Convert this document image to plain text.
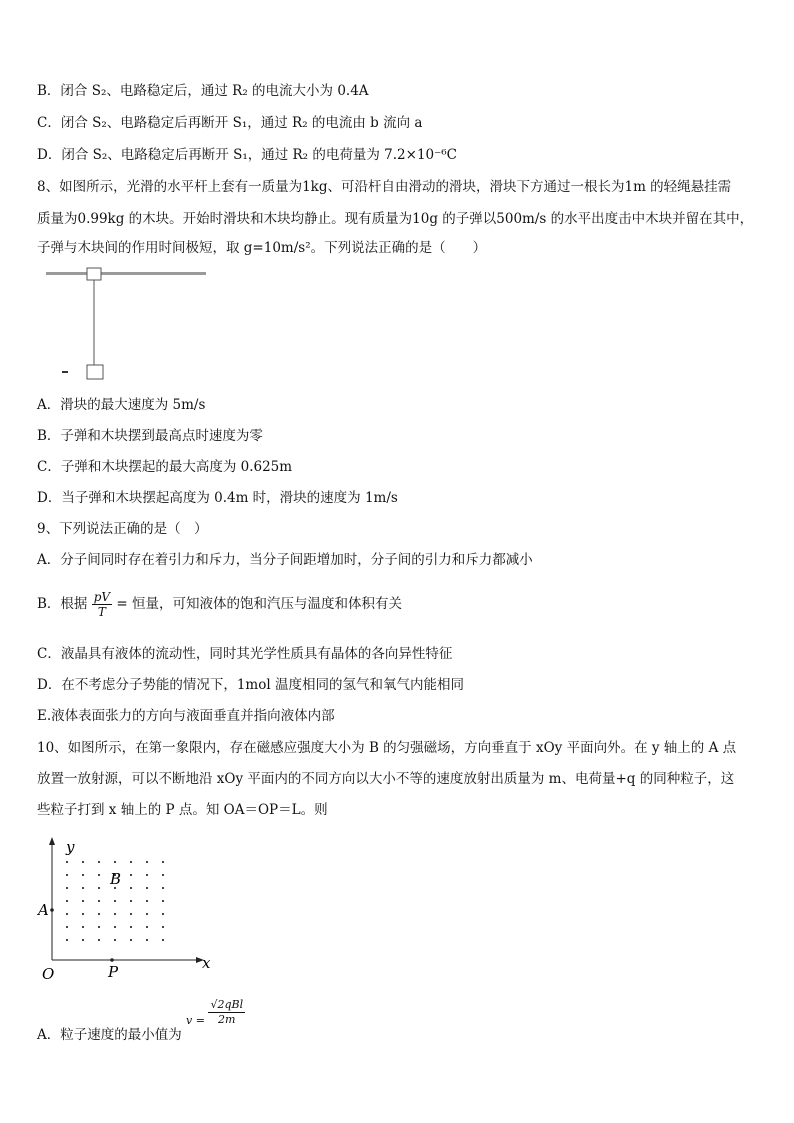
B．闭合 S₂、电路稳定后，通过 R₂ 的电流大小为 0.4A
C．闭合 S₂、电路稳定后再断开 S₁，通过 R₂ 的电流由 b 流向 a
D．闭合 S₂、电路稳定后再断开 S₁，通过 R₂ 的电荷量为 7.2×10⁻⁶C
8、如图所示，光滑的水平杆上套有一质量为1kg、可沿杆自由滑动的滑块，滑块下方通过一根长为1m 的轻绳悬挂需
质量为0.99kg 的木块。开始时滑块和木块均静止。现有质量为10g 的子弹以500m/s 的水平出度击中木块并留在其中，
子弹与木块间的作用时间极短，取 g=10m/s²。下列说法正确的是（　　）
A．滑块的最大速度为 5m/s
B．子弹和木块摆到最高点时速度为零
C．子弹和木块摆起的最大高度为 0.625m
D．当子弹和木块摆起高度为 0.4m 时，滑块的速度为 1m/s
9、下列说法正确的是（　）
A．分子间同时存在着引力和斥力，当分子间距增加时，分子间的引力和斥力都减小
B．根据 $\frac{pV}{T}$ = 恒量，可知液体的饱和汽压与温度和体积有关
C．液晶具有液体的流动性，同时其光学性质具有晶体的各向异性特征
D．在不考虑分子势能的情况下，1mol 温度相同的氢气和氧气内能相同
E.液体表面张力的方向与液面垂直并指向液体内部
10、如图所示，在第一象限内，存在磁感应强度大小为 B 的匀强磁场，方向垂直于 xOy 平面向外。在 y 轴上的 A 点
放置一放射源，可以不断地沿 xOy 平面内的不同方向以大小不等的速度放射出质量为 m、电荷量+q 的同种粒子，这
些粒子打到 x 轴上的 P 点。知 OA＝OP＝L。则
y
x
O
A
B
P
A．粒子速度的最小值为
$v = \frac{\text{√2qBl}}{2m}$
